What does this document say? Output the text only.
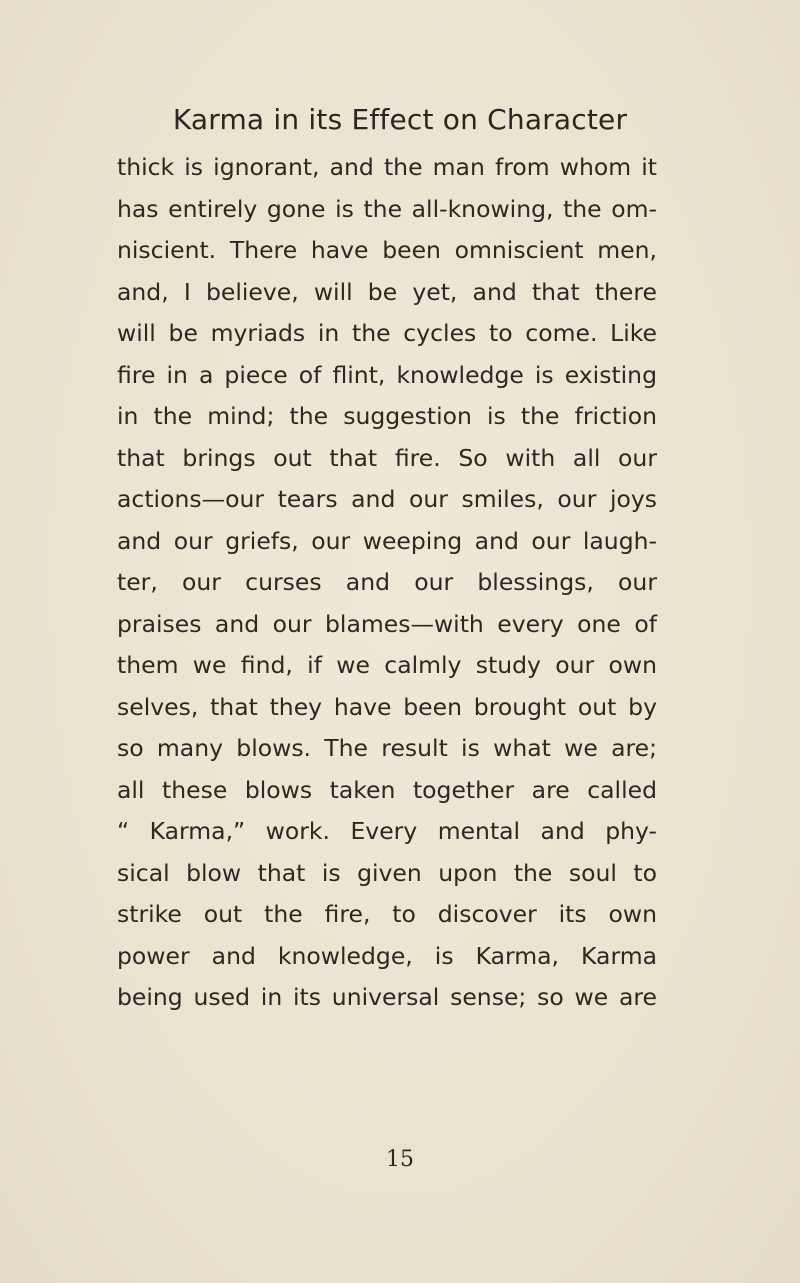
Karma in its Effect on Character
thick is ignorant, and the man from whom it
has entirely gone is the all-knowing, the om-
niscient. There have been omniscient men,
and, I believe, will be yet, and that there
will be myriads in the cycles to come. Like
fire in a piece of flint, knowledge is existing
in the mind; the suggestion is the friction
that brings out that fire. So with all our
actions—our tears and our smiles, our joys
and our griefs, our weeping and our laugh-
ter, our curses and our blessings, our
praises and our blames—with every one of
them we find, if we calmly study our own
selves, that they have been brought out by
so many blows. The result is what we are;
all these blows taken together are called
“ Karma,” work. Every mental and phy-
sical blow that is given upon the soul to
strike out the fire, to discover its own
power and knowledge, is Karma, Karma
being used in its universal sense; so we are
15
